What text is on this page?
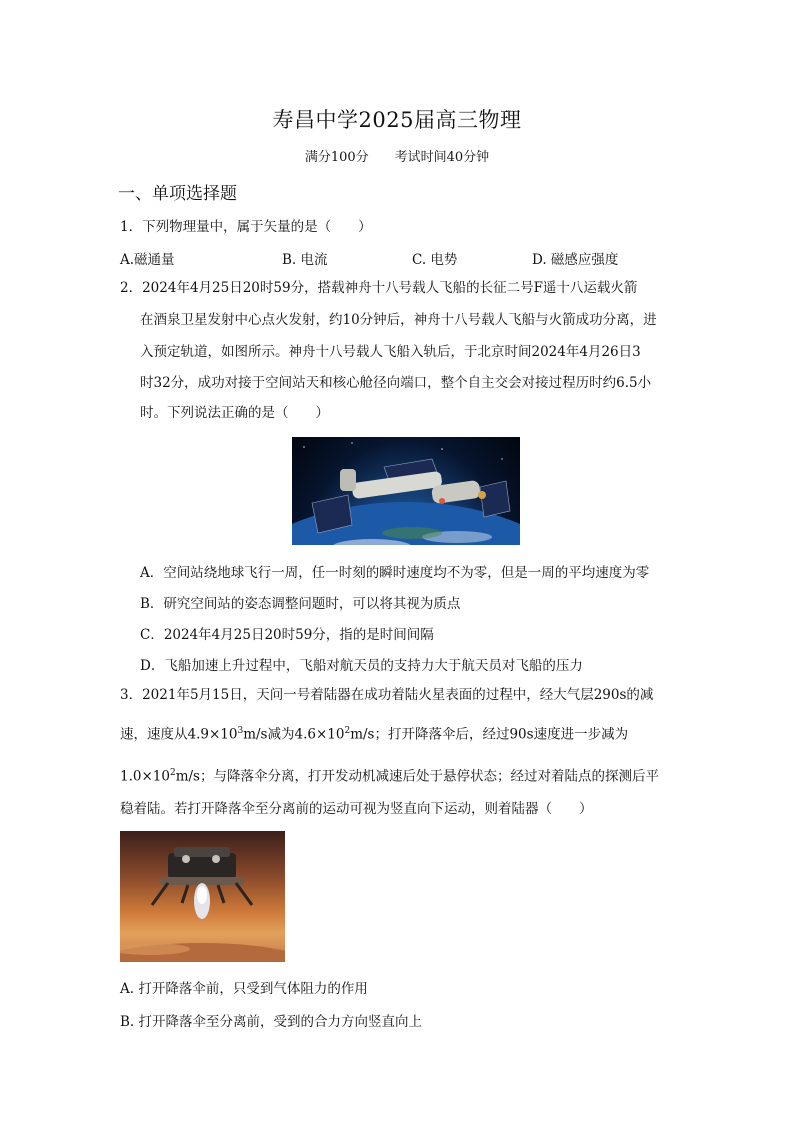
寿昌中学2025届高三物理
满分100分 考试时间40分钟
一、单项选择题
1．下列物理量中，属于矢量的是（　　）
A.磁通量	B. 电流	C. 电势	D. 磁感应强度
2．2024年4月25日20时59分，搭载神舟十八号载人飞船的长征二号F遥十八运载火箭
在酒泉卫星发射中心点火发射，约10分钟后，神舟十八号载人飞船与火箭成功分离，进
入预定轨道，如图所示。神舟十八号载人飞船入轨后，于北京时间2024年4月26日3
时32分，成功对接于空间站天和核心舱径向端口，整个自主交会对接过程历时约6.5小
时。下列说法正确的是（　　）
A．空间站绕地球飞行一周，任一时刻的瞬时速度均不为零，但是一周的平均速度为零
B．研究空间站的姿态调整问题时，可以将其视为质点
C．2024年4月25日20时59分，指的是时间间隔
D．飞船加速上升过程中，飞船对航天员的支持力大于航天员对飞船的压力
3．2021年5月15日，天问一号着陆器在成功着陆火星表面的过程中，经大气层290s的减
速，速度从$4.9\times 10^3m/s$减为$4.6\times 10^2m/s$；打开降落伞后，经过90s速度进一步减为
$1.0\times 10^2m/s$；与降落伞分离，打开发动机减速后处于悬停状态；经过对着陆点的探测后平
稳着陆。若打开降落伞至分离前的运动可视为竖直向下运动，则着陆器（　　）
A. 打开降落伞前，只受到气体阻力的作用
B. 打开降落伞至分离前，受到的合力方向竖直向上
